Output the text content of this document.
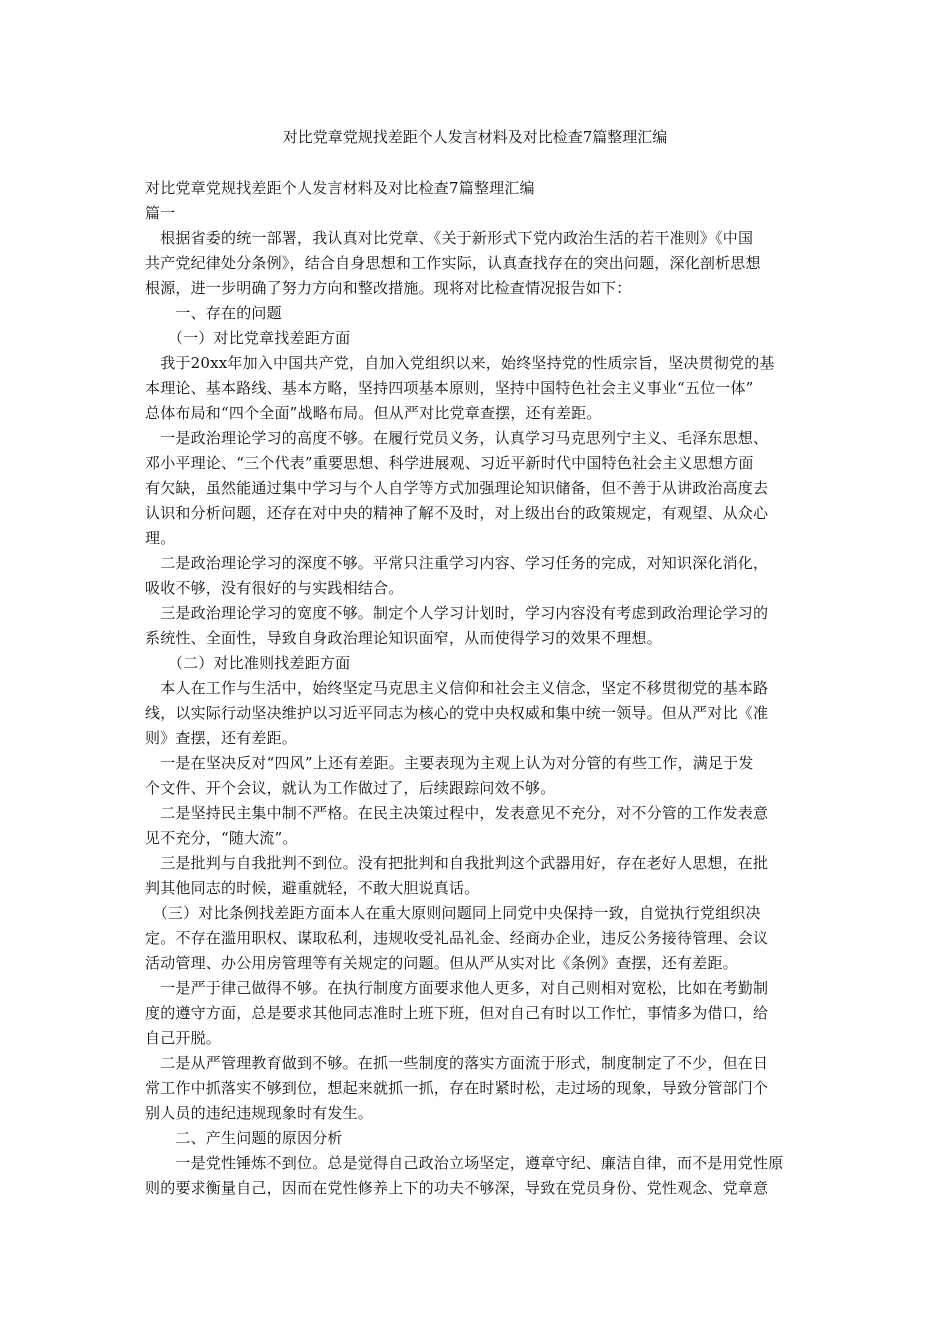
对比党章党规找差距个人发言材料及对比检查7篇整理汇编

对比党章党规找差距个人发言材料及对比检查7篇整理汇编

篇一

　根据省委的统一部署，我认真对比党章、《关于新形式下党内政治生活的若干准则》《中国

共产党纪律处分条例》，结合自身思想和工作实际，认真查找存在的突出问题，深化剖析思想

根源，进一步明确了努力方向和整改措施。现将对比检查情况报告如下：

　　一、存在的问题

　　（一）对比党章找差距方面

　我于20xx年加入中国共产党，自加入党组织以来，始终坚持党的性质宗旨，坚决贯彻党的基

本理论、基本路线、基本方略，坚持四项基本原则，坚持中国特色社会主义事业“五位一体”

总体布局和“四个全面”战略布局。但从严对比党章查摆，还有差距。

　一是政治理论学习的高度不够。在履行党员义务，认真学习马克思列宁主义、毛泽东思想、

邓小平理论、“三个代表”重要思想、科学进展观、习近平新时代中国特色社会主义思想方面

有欠缺，虽然能通过集中学习与个人自学等方式加强理论知识储备，但不善于从讲政治高度去

认识和分析问题，还存在对中央的精神了解不及时，对上级出台的政策规定，有观望、从众心

理。

　二是政治理论学习的深度不够。平常只注重学习内容、学习任务的完成，对知识深化消化，

吸收不够，没有很好的与实践相结合。

　三是政治理论学习的宽度不够。制定个人学习计划时，学习内容没有考虑到政治理论学习的

系统性、全面性，导致自身政治理论知识面窄，从而使得学习的效果不理想。

　　（二）对比准则找差距方面

　本人在工作与生活中，始终坚定马克思主义信仰和社会主义信念，坚定不移贯彻党的基本路

线，以实际行动坚决维护以习近平同志为核心的党中央权威和集中统一领导。但从严对比《准

则》查摆，还有差距。

　一是在坚决反对“四风”上还有差距。主要表现为主观上认为对分管的有些工作，满足于发

个文件、开个会议，就认为工作做过了，后续跟踪问效不够。

　二是坚持民主集中制不严格。在民主决策过程中，发表意见不充分，对不分管的工作发表意

见不充分，“随大流”。

　三是批判与自我批判不到位。没有把批判和自我批判这个武器用好，存在老好人思想，在批

判其他同志的时候，避重就轻，不敢大胆说真话。

　（三）对比条例找差距方面本人在重大原则问题同上同党中央保持一致，自觉执行党组织决

定。不存在滥用职权、谋取私利，违规收受礼品礼金、经商办企业，违反公务接待管理、会议

活动管理、办公用房管理等有关规定的问题。但从严从实对比《条例》查摆，还有差距。

　一是严于律己做得不够。在执行制度方面要求他人更多，对自己则相对宽松，比如在考勤制

度的遵守方面，总是要求其他同志准时上班下班，但对自己有时以工作忙，事情多为借口，给

自己开脱。

　二是从严管理教育做到不够。在抓一些制度的落实方面流于形式，制度制定了不少，但在日

常工作中抓落实不够到位，想起来就抓一抓，存在时紧时松，走过场的现象，导致分管部门个

别人员的违纪违规现象时有发生。

　　二、产生问题的原因分析

　　一是党性锤炼不到位。总是觉得自己政治立场坚定，遵章守纪、廉洁自律，而不是用党性原

则的要求衡量自己，因而在党性修养上下的功夫不够深，导致在党员身份、党性观念、党章意
